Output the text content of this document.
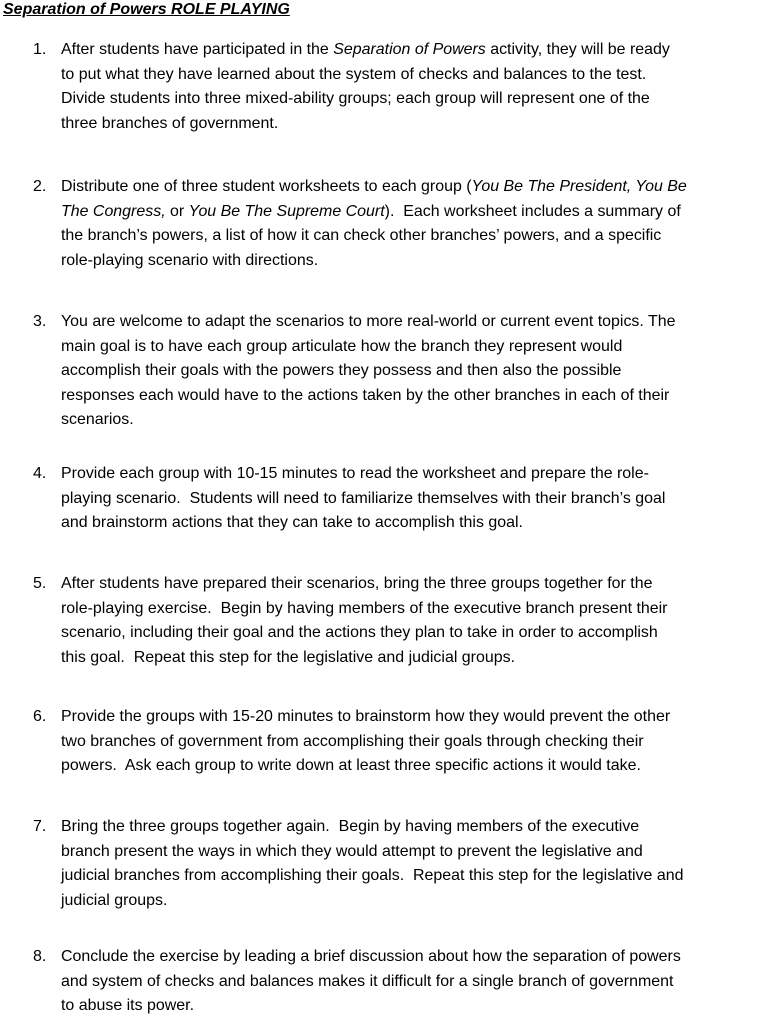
Separation of Powers ROLE PLAYING
1. After students have participated in the Separation of Powers activity, they will be ready
to put what they have learned about the system of checks and balances to the test.
Divide students into three mixed-ability groups; each group will represent one of the
three branches of government.
2. Distribute one of three student worksheets to each group (You Be The President, You Be
The Congress, or You Be The Supreme Court).  Each worksheet includes a summary of
the branch’s powers, a list of how it can check other branches’ powers, and a specific
role-playing scenario with directions.
3. You are welcome to adapt the scenarios to more real-world or current event topics. The
main goal is to have each group articulate how the branch they represent would
accomplish their goals with the powers they possess and then also the possible
responses each would have to the actions taken by the other branches in each of their
scenarios.
4. Provide each group with 10-15 minutes to read the worksheet and prepare the role-
playing scenario.  Students will need to familiarize themselves with their branch’s goal
and brainstorm actions that they can take to accomplish this goal.
5. After students have prepared their scenarios, bring the three groups together for the
role-playing exercise.  Begin by having members of the executive branch present their
scenario, including their goal and the actions they plan to take in order to accomplish
this goal.  Repeat this step for the legislative and judicial groups.
6. Provide the groups with 15-20 minutes to brainstorm how they would prevent the other
two branches of government from accomplishing their goals through checking their
powers.  Ask each group to write down at least three specific actions it would take.
7. Bring the three groups together again.  Begin by having members of the executive
branch present the ways in which they would attempt to prevent the legislative and
judicial branches from accomplishing their goals.  Repeat this step for the legislative and
judicial groups.
8. Conclude the exercise by leading a brief discussion about how the separation of powers
and system of checks and balances makes it difficult for a single branch of government
to abuse its power.
